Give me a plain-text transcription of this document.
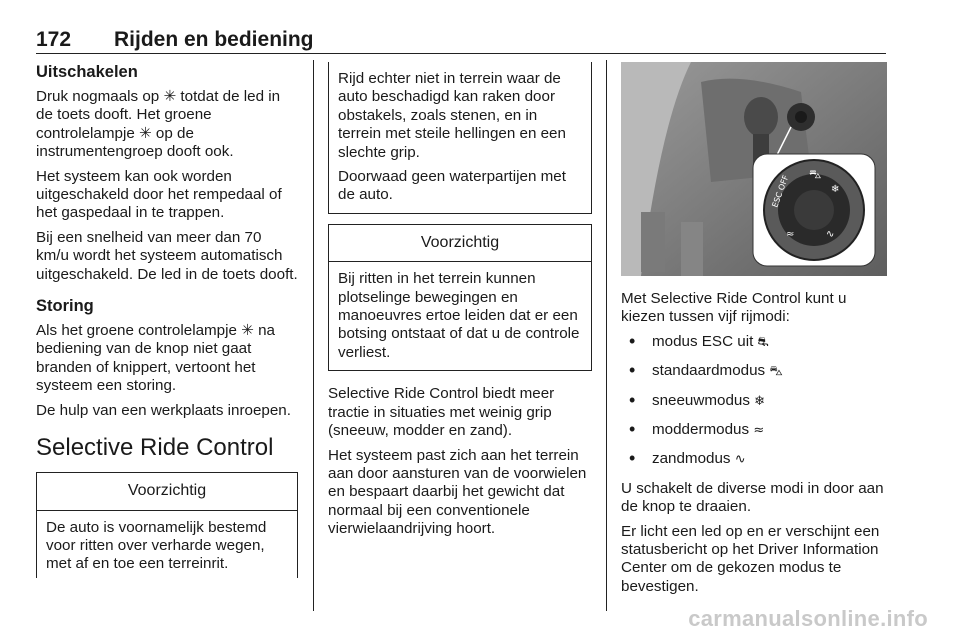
172 Rijden en bediening
Uitschakelen

Druk nogmaals op ✳ totdat de led in de toets dooft. Het groene controlelampje ✳ op de instrumentengroep dooft ook.

Het systeem kan ook worden uitgeschakeld door het rempedaal of het gaspedaal in te trappen.

Bij een snelheid van meer dan 70 km/u wordt het systeem automatisch uitgeschakeld. De led in de toets dooft.

Storing

Als het groene controlelampje ✳ na bediening van de knop niet gaat branden of knippert, vertoont het systeem een storing.

De hulp van een werkplaats inroepen.

Selective Ride Control
Voorzichtig
De auto is voornamelijk bestemd voor ritten over verharde wegen, met af en toe een terreinrit.

Rijd echter niet in terrein waar de auto beschadigd kan raken door obstakels, zoals stenen, en in terrein met steile hellingen en een slechte grip.

Doorwaad geen waterpartijen met de auto.

Voorzichtig
Bij ritten in het terrein kunnen plotselinge bewegingen en manoeuvres ertoe leiden dat er een botsing ontstaat of dat u de controle verliest.

Selective Ride Control biedt meer tractie in situaties met weinig grip (sneeuw, modder en zand).

Het systeem past zich aan het terrein aan door aansturen van de voorwielen en bespaart daarbij het gewicht dat normaal bij een conventionele vierwielaandrijving hoort.

ESC OFF ⛍
❄
≈	∿

Met Selective Ride Control kunt u kiezen tussen vijf rijmodi:

• modus ESC uit ⛐
• standaardmodus ⛍
• sneeuwmodus ❄
• moddermodus ≈
• zandmodus ∿

U schakelt de diverse modi in door aan de knop te draaien.

Er licht een led op en er verschijnt een statusbericht op het Driver Information Center om de gekozen modus te bevestigen.

carmanualsonline.info
